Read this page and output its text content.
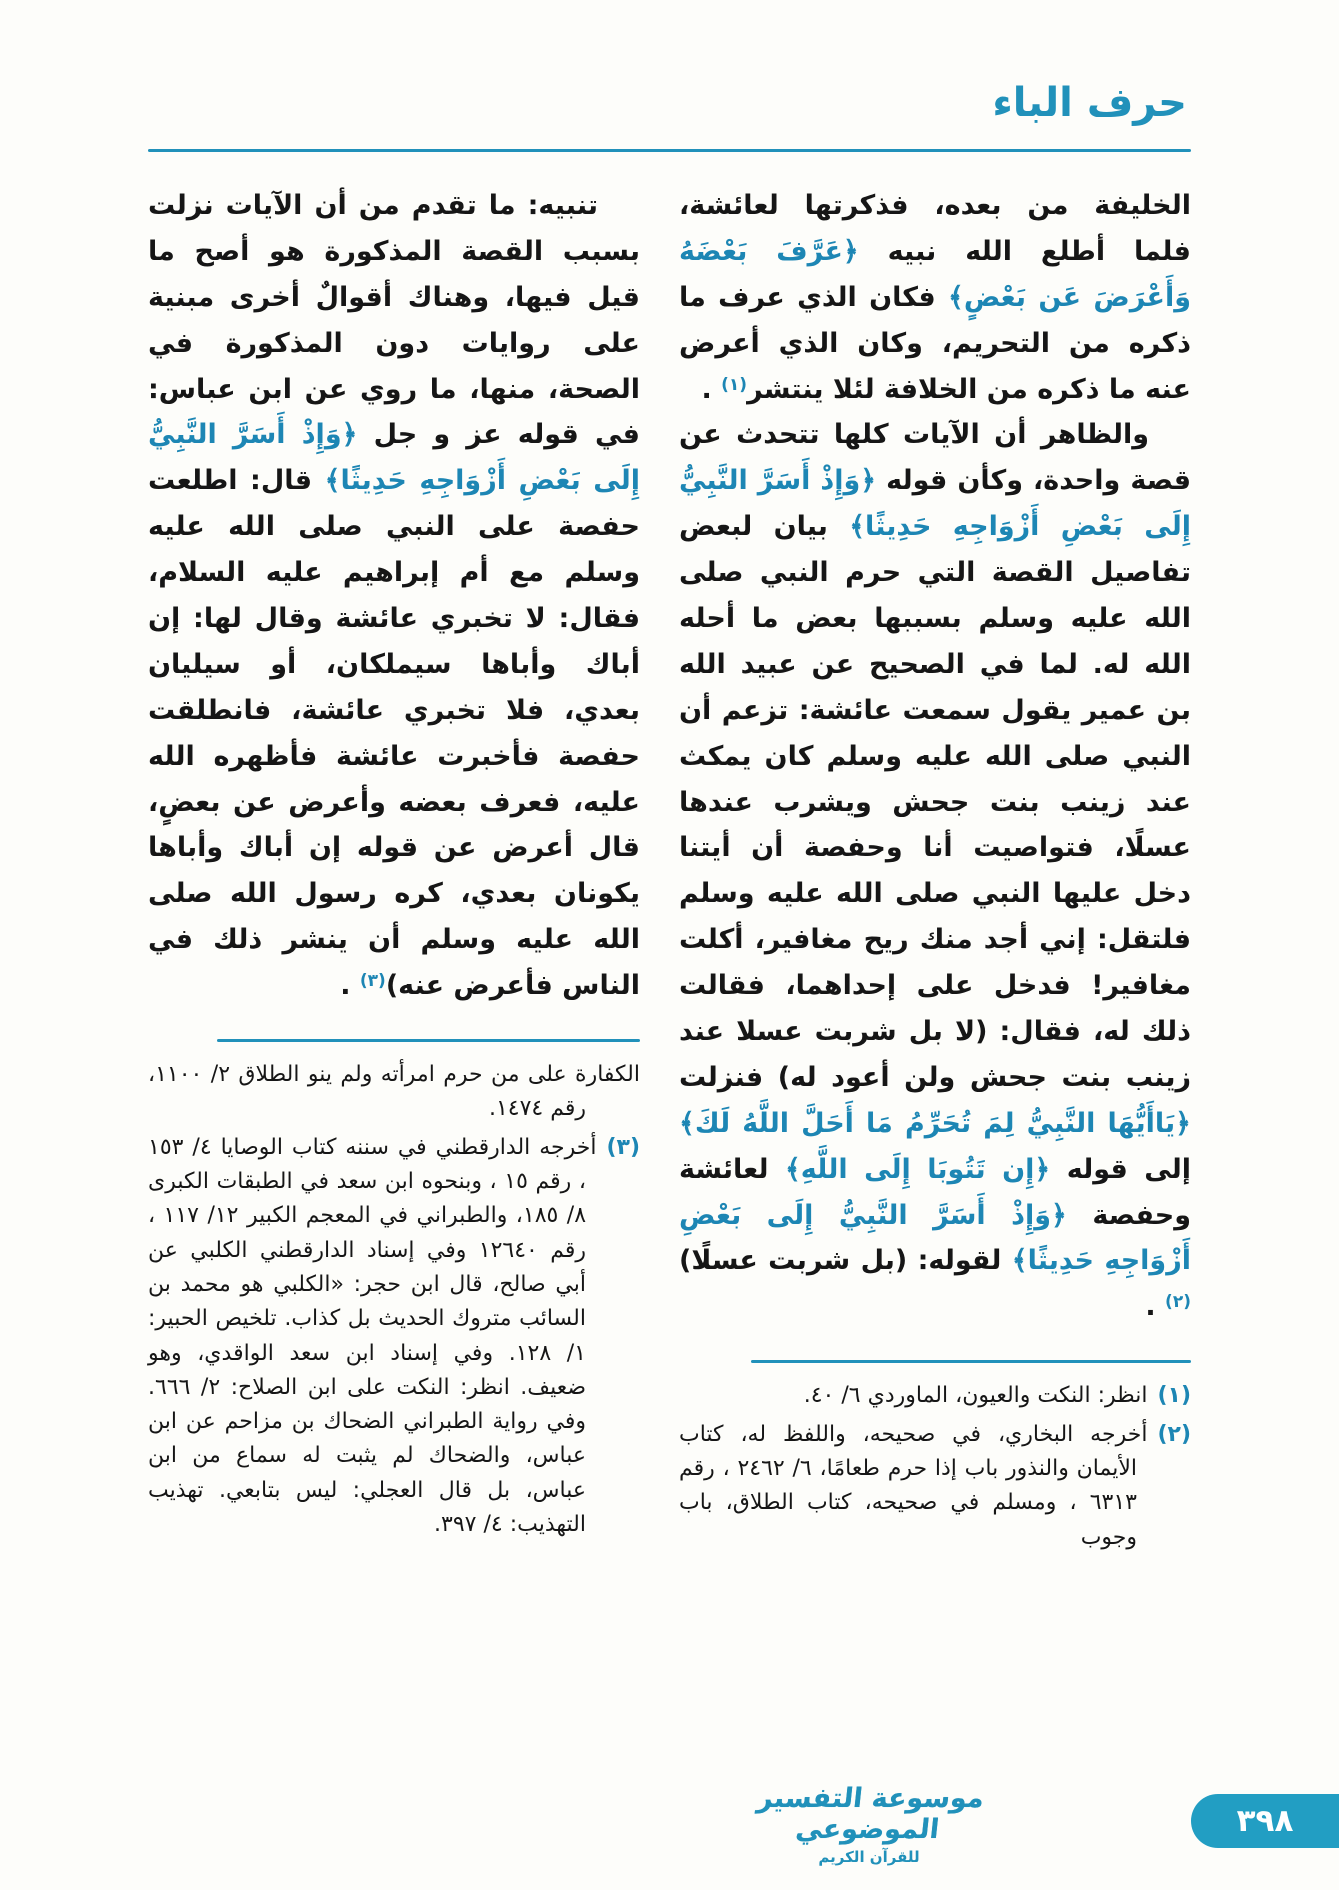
حرف الباء

الخليفة من بعده، فذكرتها لعائشة، فلما أطلع الله نبيه ﴿عَرَّفَ بَعْضَهُ وَأَعْرَضَ عَن بَعْضٍ﴾ فكان الذي عرف ما ذكره من التحريم، وكان الذي أعرض عنه ما ذكره من الخلافة لئلا ينتشر$^{(١)}$ .

والظاهر أن الآيات كلها تتحدث عن قصة واحدة، وكأن قوله ﴿وَإِذْ أَسَرَّ النَّبِيُّ إِلَى بَعْضِ أَزْوَاجِهِ حَدِيثًا﴾ بيان لبعض تفاصيل القصة التي حرم النبي صلى الله عليه وسلم بسببها بعض ما أحله الله له. لما في الصحيح عن عبيد الله بن عمير يقول سمعت عائشة: تزعم أن النبي صلى الله عليه وسلم كان يمكث عند زينب بنت جحش ويشرب عندها عسلًا، فتواصيت أنا وحفصة أن أيتنا دخل عليها النبي صلى الله عليه وسلم فلتقل: إني أجد منك ريح مغافير، أكلت مغافير! فدخل على إحداهما، فقالت ذلك له، فقال: (لا بل شربت عسلا عند زينب بنت جحش ولن أعود له) فنزلت ﴿يَاأَيُّهَا النَّبِيُّ لِمَ تُحَرِّمُ مَا أَحَلَّ اللَّهُ لَكَ﴾ إلى قوله ﴿إِن تَتُوبَا إِلَى اللَّهِ﴾ لعائشة وحفصة ﴿وَإِذْ أَسَرَّ النَّبِيُّ إِلَى بَعْضِ أَزْوَاجِهِ حَدِيثًا﴾ لقوله: (بل شربت عسلًا)$^{(٢)}$ .

(١)انظر: النكت والعيون، الماوردي ٦/ ٤٠.
(٢)أخرجه البخاري، في صحيحه، واللفظ له، كتاب الأيمان والنذور باب إذا حرم طعامًا، ٦/ ٢٤٦٢ ، رقم ٦٣١٣ ، ومسلم في صحيحه، كتاب الطلاق، باب وجوب

تنبيه: ما تقدم من أن الآيات نزلت بسبب القصة المذكورة هو أصح ما قيل فيها، وهناك أقوالٌ أخرى مبنية على روايات دون المذكورة في الصحة، منها، ما روي عن ابن عباس: في قوله عز و جل ﴿وَإِذْ أَسَرَّ النَّبِيُّ إِلَى بَعْضِ أَزْوَاجِهِ حَدِيثًا﴾ قال: اطلعت حفصة على النبي صلى الله عليه وسلم مع أم إبراهيم عليه السلام، فقال: لا تخبري عائشة وقال لها: إن أباك وأباها سيملكان، أو سيليان بعدي، فلا تخبري عائشة، فانطلقت حفصة فأخبرت عائشة فأظهره الله عليه، فعرف بعضه وأعرض عن بعضٍ، قال أعرض عن قوله إن أباك وأباها يكونان بعدي، كره رسول الله صلى الله عليه وسلم أن ينشر ذلك في الناس فأعرض عنه)$^{(٣)}$ .

الكفارة على من حرم امرأته ولم ينو الطلاق ٢/ ١١٠٠، رقم ١٤٧٤.
(٣)أخرجه الدارقطني في سننه كتاب الوصايا ٤/ ١٥٣ ، رقم ١٥ ، وبنحوه ابن سعد في الطبقات الكبرى ٨/ ١٨٥، والطبراني في المعجم الكبير ١٢/ ١١٧ ، رقم ١٢٦٤٠ وفي إسناد الدارقطني الكلبي عن أبي صالح، قال ابن حجر: «الكلبي هو محمد بن السائب متروك الحديث بل كذاب. تلخيص الحبير: ١/ ١٢٨. وفي إسناد ابن سعد الواقدي، وهو ضعيف. انظر: النكت على ابن الصلاح: ٢/ ٦٦٦. وفي رواية الطبراني الضحاك بن مزاحم عن ابن عباس، والضحاك لم يثبت له سماع من ابن عباس، بل قال العجلي: ليس بتابعي. تهذيب التهذيب: ٤/ ٣٩٧.
موسوعة التفسير الموضوعي
للقرآن الكريم
٣٩٨
